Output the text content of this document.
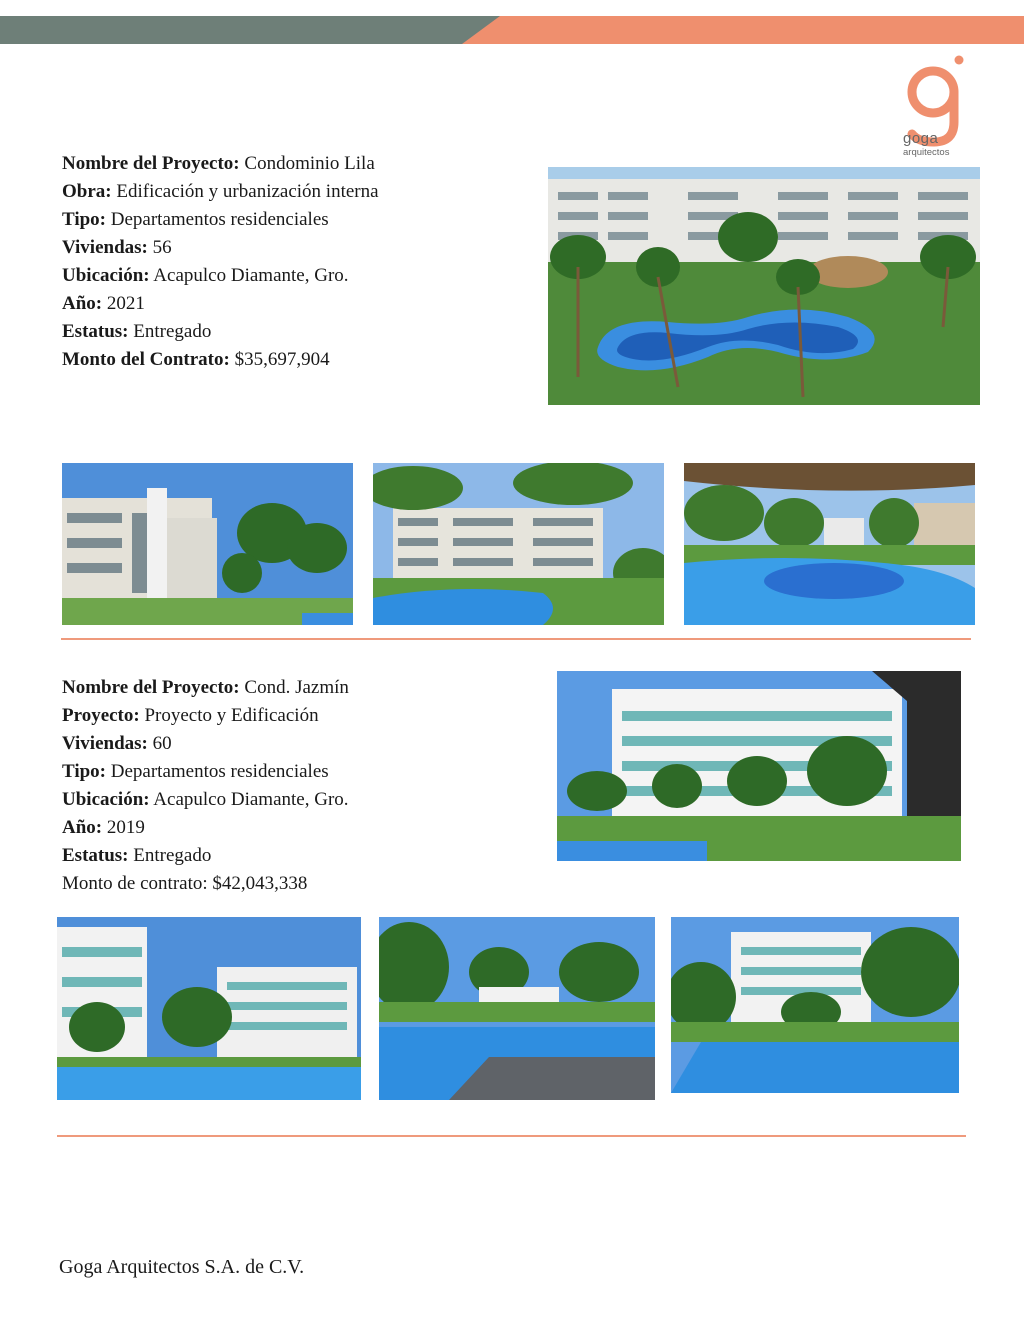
goga
arquitectos
Nombre del Proyecto: Condominio Lila
Obra: Edificación y urbanización interna
Tipo: Departamentos residenciales
Viviendas: 56
Ubicación: Acapulco Diamante, Gro.
Año: 2021
Estatus: Entregado
Monto del Contrato: $35,697,904
Nombre del Proyecto: Cond. Jazmín
Proyecto: Proyecto y Edificación
Viviendas: 60
Tipo: Departamentos residenciales
Ubicación: Acapulco Diamante, Gro.
Año: 2019
Estatus: Entregado
Monto de contrato: $42,043,338
Goga Arquitectos S.A. de C.V.
